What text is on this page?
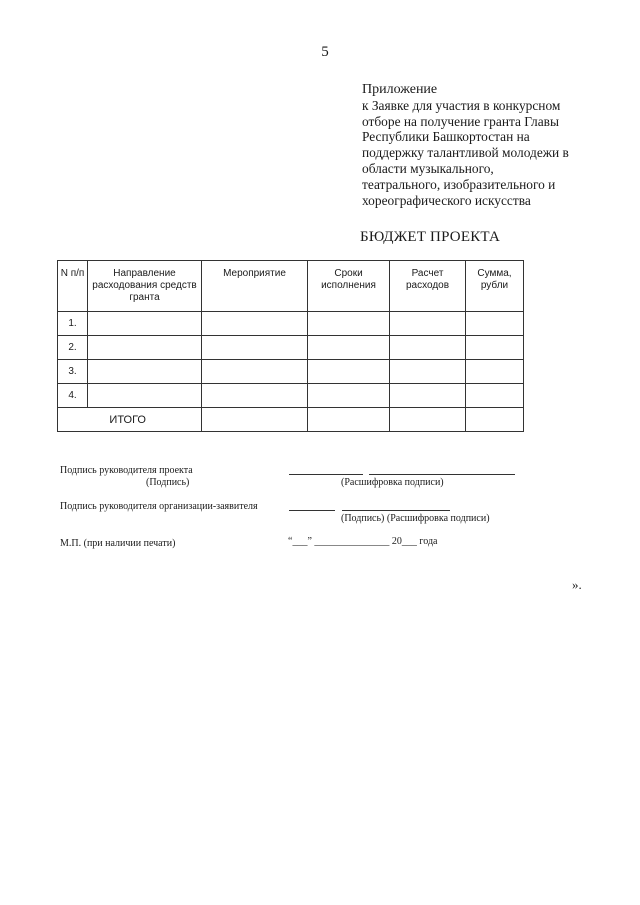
5
Приложение
к Заявке для участия в конкурсном
отборе на получение гранта Главы
Республики Башкортостан на
поддержку талантливой молодежи в
области музыкального,
театрального, изобразительного и
хореографического искусства
БЮДЖЕТ ПРОЕКТА
N п/п	Направление расходования средств гранта	Мероприятие	Сроки исполнения	Расчет расходов	Сумма, рубли
1.					
2.					
3.					
4.					
ИТОГО					
Подпись руководителя проекта
(Подпись)	(Расшифровка подписи)
Подпись руководителя организации-заявителя
(Подпись) (Расшифровка подписи)
М.П. (при наличии печати)	“___” _______________ 20___ года
».
